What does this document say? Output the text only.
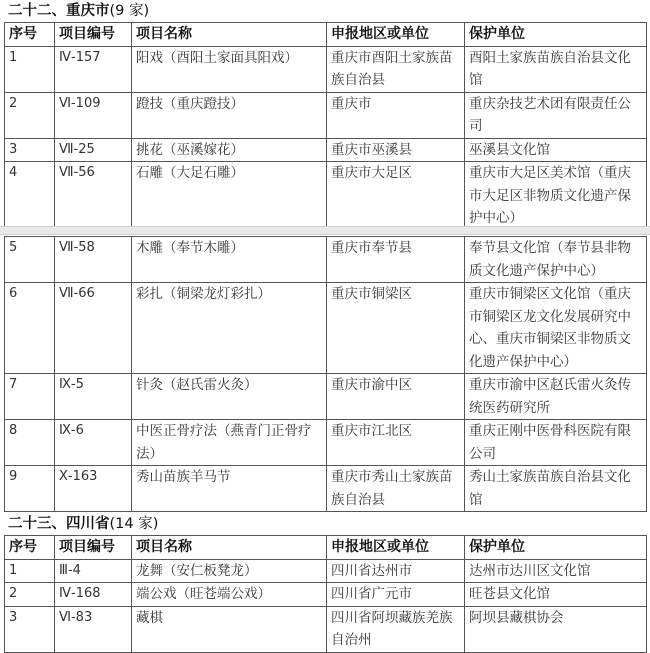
二十二、重庆市(9 家)
序号	项目编号	项目名称	申报地区或单位	保护单位
1	Ⅳ-157	阳戏（酉阳土家面具阳戏）	重庆市酉阳土家族苗族自治县	酉阳土家族苗族自治县文化馆
2	Ⅵ-109	蹬技（重庆蹬技）	重庆市	重庆杂技艺术团有限责任公司
3	Ⅶ-25	挑花（巫溪嫁花）	重庆市巫溪县	巫溪县文化馆
4	Ⅶ-56	石雕（大足石雕）	重庆市大足区	重庆市大足区美术馆（重庆市大足区非物质文化遗产保护中心）
5	Ⅶ-58	木雕（奉节木雕）	重庆市奉节县	奉节县文化馆（奉节县非物质文化遗产保护中心）
6	Ⅶ-66	彩扎（铜梁龙灯彩扎）	重庆市铜梁区	重庆市铜梁区文化馆（重庆市铜梁区龙文化发展研究中心、重庆市铜梁区非物质文化遗产保护中心）
7	Ⅸ-5	针灸（赵氏雷火灸）	重庆市渝中区	重庆市渝中区赵氏雷火灸传统医药研究所
8	Ⅸ-6	中医正骨疗法（燕青门正骨疗法）	重庆市江北区	重庆正刚中医骨科医院有限公司
9	Ⅹ-163	秀山苗族羊马节	重庆市秀山土家族苗族自治县	秀山土家族苗族自治县文化馆
二十三、四川省(14 家)
序号	项目编号	项目名称	申报地区或单位	保护单位
1	Ⅲ-4	龙舞（安仁板凳龙）	四川省达州市	达州市达川区文化馆
2	Ⅳ-168	端公戏（旺苍端公戏）	四川省广元市	旺苍县文化馆
3	Ⅵ-83	藏棋	四川省阿坝藏族羌族自治州	阿坝县藏棋协会
